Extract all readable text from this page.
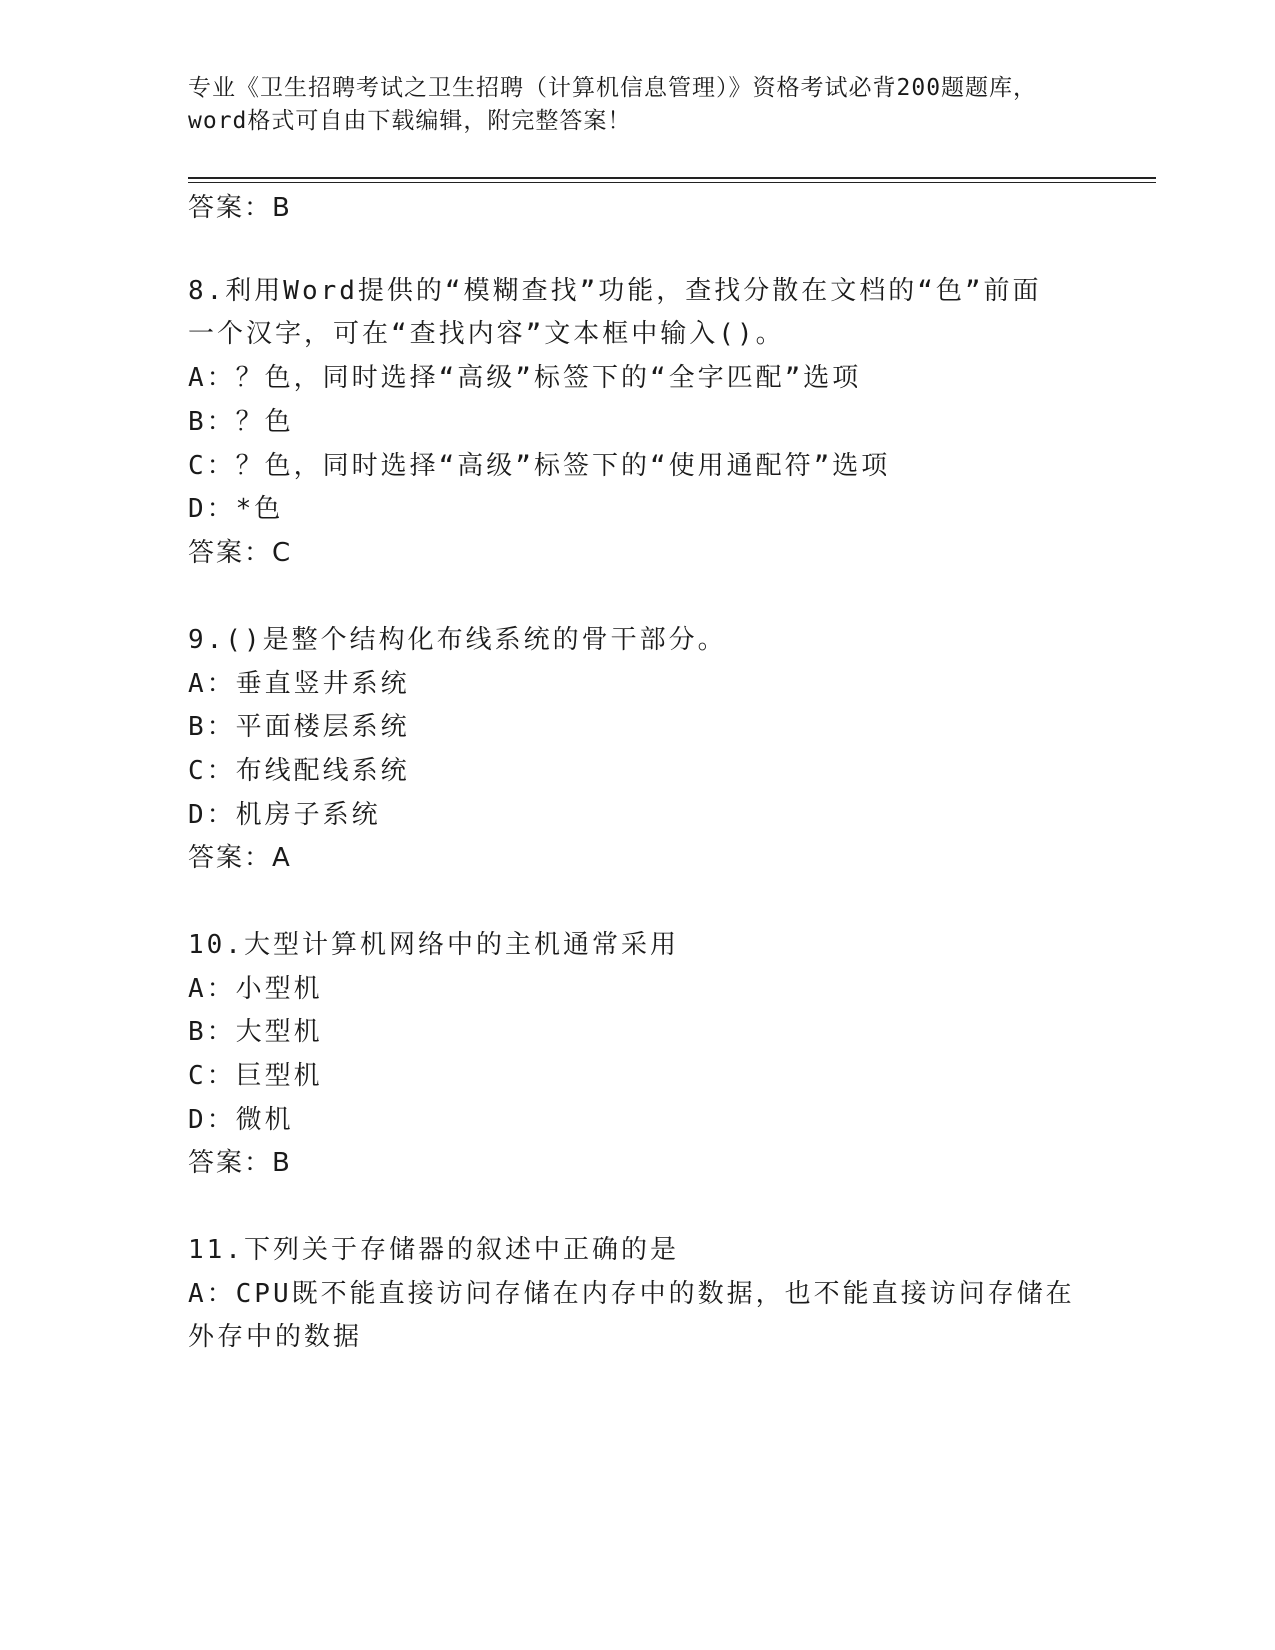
专业《卫生招聘考试之卫生招聘（计算机信息管理）》资格考试必背200题题库，
word格式可自由下载编辑，附完整答案！
答案：B
8.利用Word提供的“模糊查找”功能，查找分散在文档的“色”前面
一个汉字，可在“查找内容”文本框中输入()。
A：？色，同时选择“高级”标签下的“全字匹配”选项
B：？色
C：？色，同时选择“高级”标签下的“使用通配符”选项
D：*色
答案：C
9.()是整个结构化布线系统的骨干部分。
A：垂直竖井系统
B：平面楼层系统
C：布线配线系统
D：机房子系统
答案：A
10.大型计算机网络中的主机通常采用
A：小型机
B：大型机
C：巨型机
D：微机
答案：B
11.下列关于存储器的叙述中正确的是
A：CPU既不能直接访问存储在内存中的数据，也不能直接访问存储在
外存中的数据
